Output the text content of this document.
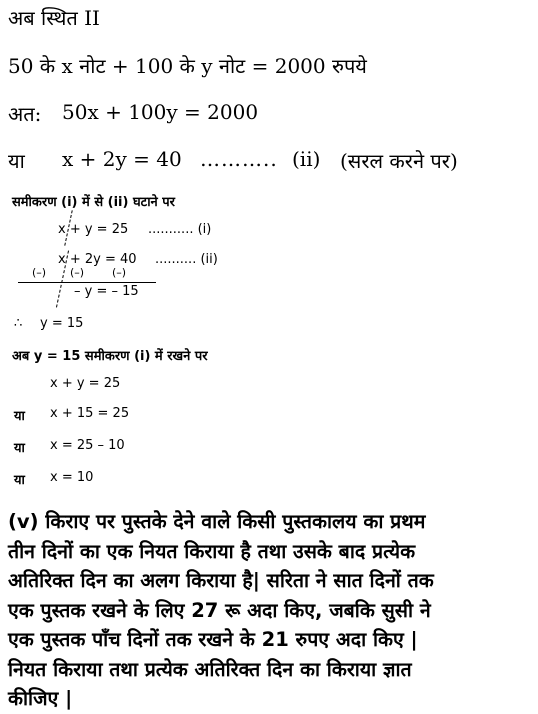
अब स्थित II
50 के x नोट + 100 के y नोट = 2000 रुपये
अत: 50x + 100y = 2000
या x + 2y = 40 ……….. (ii) (सरल करने पर)
समीकरण (i) में से (ii) घटाने पर
x + y = 25 ........... (i)
x + 2y = 40 .......... (ii)
(–) (–)	(–)
– y = – 15
∴ y = 15
अब y = 15 समीकरण (i) में रखने पर
x + y = 25
या x + 15 = 25
या x = 25 – 10
या x = 10
(v) किराए पर पुस्तके देने वाले किसी पुस्तकालय का प्रथम
तीन दिनों का एक नियत किराया है तथा उसके बाद प्रत्येक
अतिरिक्त दिन का अलग किराया है| सरिता ने सात दिनों तक
एक पुस्तक रखने के लिए 27 रू अदा किए, जबकि सुसी ने
एक पुस्तक पाँच दिनों तक रखने के 21 रुपए अदा किए |
नियत किराया तथा प्रत्येक अतिरिक्त दिन का किराया ज्ञात
कीजिए |
